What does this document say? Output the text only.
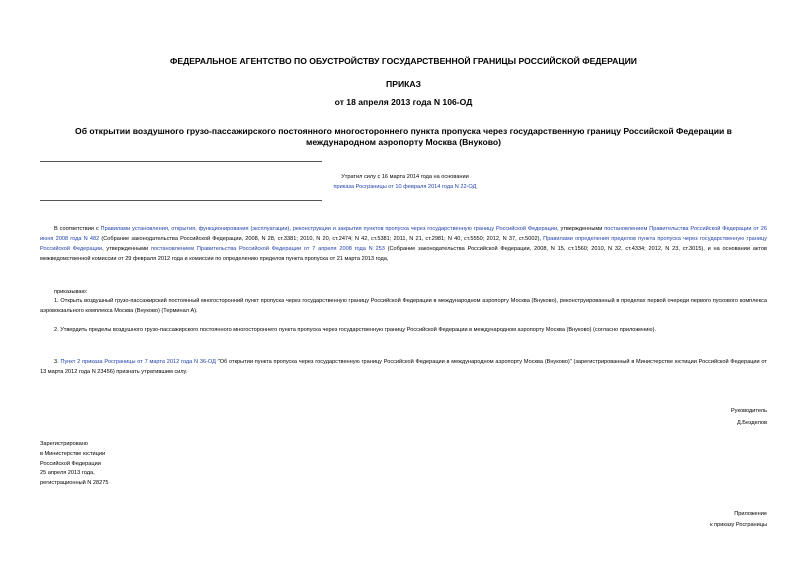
ФЕДЕРАЛЬНОЕ АГЕНТСТВО ПО ОБУСТРОЙСТВУ ГОСУДАРСТВЕННОЙ ГРАНИЦЫ РОССИЙСКОЙ ФЕДЕРАЦИИ
ПРИКАЗ
от 18 апреля 2013 года N 106-ОД
Об открытии воздушного грузо-пассажирского постоянного многостороннего пункта пропуска через государственную границу Российской Федерации в международном аэропорту Москва (Внуково)
Утратил силу с 16 марта 2014 года на основании
приказа Росграницы от 10 февраля 2014 года N 22-ОД
В соответствии с Правилами установления, открытия, функционирования (эксплуатации), реконструкции и закрытия пунктов пропуска через государственную границу Российской Федерации, утвержденными постановлением Правительства Российской Федерации от 26 июня 2008 года N 482 (Собрание законодательства Российской Федерации, 2008, N 28, ст.3381; 2010, N 20, ст.2474; N 42, ст.5381; 2011, N 21, ст.2981; N 40, ст.5550; 2012, N 37, ст.5002), Правилами определения пределов пункта пропуска через государственную границу Российской Федерации, утвержденными постановлением Правительства Российской Федерации от 7 апреля 2008 года N 253 (Собрание законодательства Российской Федерации, 2008, N 15, ст.1560; 2010, N 32, ст.4334; 2012, N 23, ст.3015), и на основании актов межведомственной комиссии от 29 февраля 2012 года и комиссии по определению пределов пункта пропуска от 21 марта 2013 года,
приказываю:
1. Открыть воздушный грузо-пассажирский постоянный многосторонний пункт пропуска через государственную границу Российской Федерации в международном аэропорту Москва (Внуково), реконструированный в пределах первой очереди первого пускового комплекса аэровокзального комплекса Москва (Внуково) (Терминал А).
2. Утвердить пределы воздушного грузо-пассажирского постоянного многостороннего пункта пропуска через государственную границу Российской Федерации в международном аэропорту Москва (Внуково) (согласно приложению).
3. Пункт 2 приказа Росграницы от 7 марта 2012 года N 36-ОД "Об открытии пункта пропуска через государственную границу Российской Федерации в международном аэропорту Москва (Внуково)" (зарегистрированный в Министерстве юстиции Российской Федерации от 13 марта 2012 года N 23456) признать утратившим силу.
Руководитель
Д.Безделов
Зарегистрировано
в Министерстве юстиции
Российской Федерации
25 апреля 2013 года,
регистрационный N 28275
Приложение
к приказу Росграницы
